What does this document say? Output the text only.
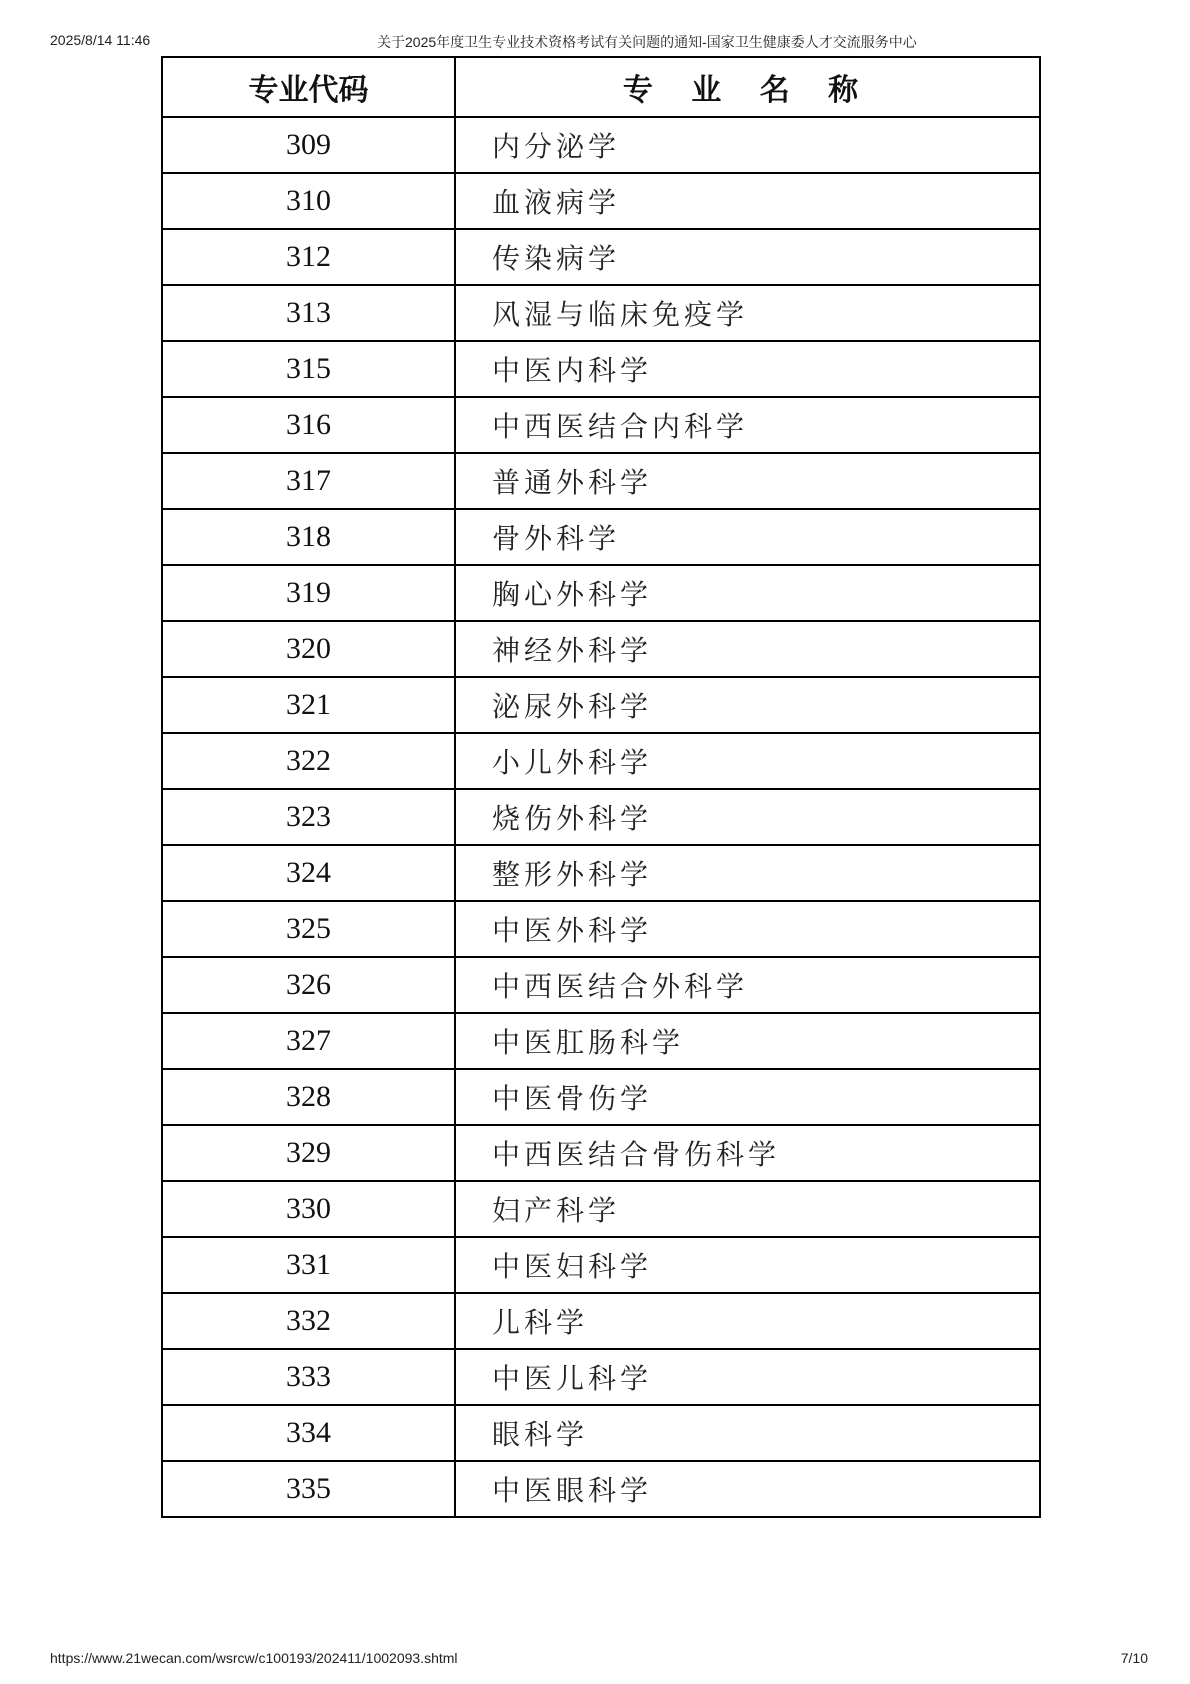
2025/8/14 11:46	关于2025年度卫生专业技术资格考试有关问题的通知-国家卫生健康委人才交流服务中心
专业代码	专 业 名 称
309	内分泌学
310	血液病学
312	传染病学
313	风湿与临床免疫学
315	中医内科学
316	中西医结合内科学
317	普通外科学
318	骨外科学
319	胸心外科学
320	神经外科学
321	泌尿外科学
322	小儿外科学
323	烧伤外科学
324	整形外科学
325	中医外科学
326	中西医结合外科学
327	中医肛肠科学
328	中医骨伤学
329	中西医结合骨伤科学
330	妇产科学
331	中医妇科学
332	儿科学
333	中医儿科学
334	眼科学
335	中医眼科学
https://www.21wecan.com/wsrcw/c100193/202411/1002093.shtml	7/10
